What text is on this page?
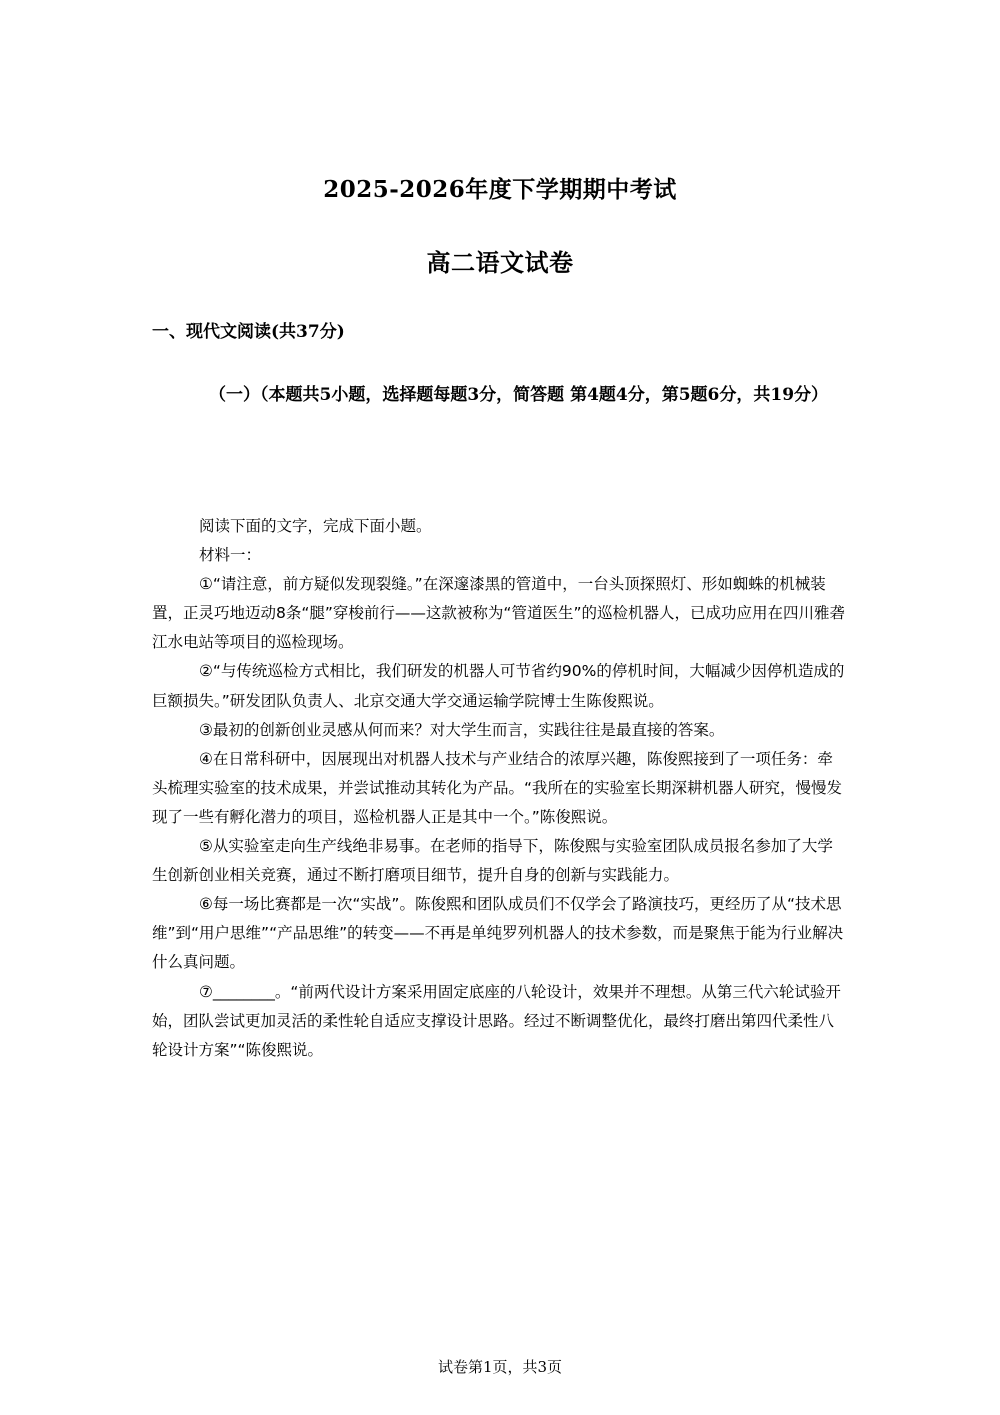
2025-2026年度下学期期中考试
高二语文试卷
一、现代文阅读(共37分)
（一）（本题共5小题，选择题每题3分，简答题 第4题4分，第5题6分，共19分）

阅读下面的文字，完成下面小题。

材料一：

①“请注意，前方疑似发现裂缝。”在深邃漆黑的管道中，一台头顶探照灯、形如蜘蛛的机械装置，正灵巧地迈动8条“腿”穿梭前行——这款被称为“管道医生”的巡检机器人，已成功应用在四川雅砻江水电站等项目的巡检现场。

②“与传统巡检方式相比，我们研发的机器人可节省约90%的停机时间，大幅减少因停机造成的巨额损失。”研发团队负责人、北京交通大学交通运输学院博士生陈俊熙说。

③最初的创新创业灵感从何而来？对大学生而言，实践往往是最直接的答案。

④在日常科研中，因展现出对机器人技术与产业结合的浓厚兴趣，陈俊熙接到了一项任务：牵头梳理实验室的技术成果，并尝试推动其转化为产品。“我所在的实验室长期深耕机器人研究，慢慢发现了一些有孵化潜力的项目，巡检机器人正是其中一个。”陈俊熙说。

⑤从实验室走向生产线绝非易事。在老师的指导下，陈俊熙与实验室团队成员报名参加了大学生创新创业相关竞赛，通过不断打磨项目细节，提升自身的创新与实践能力。

⑥每一场比赛都是一次“实战”。陈俊熙和团队成员们不仅学会了路演技巧，更经历了从“技术思维”到“用户思维”“产品思维”的转变——不再是单纯罗列机器人的技术参数，而是聚焦于能为行业解决什么真问题。

⑦________。“前两代设计方案采用固定底座的八轮设计，效果并不理想。从第三代六轮试验开始，团队尝试更加灵活的柔性轮自适应支撑设计思路。经过不断调整优化，最终打磨出第四代柔性八轮设计方案”“陈俊熙说。

试卷第1页，共3页
